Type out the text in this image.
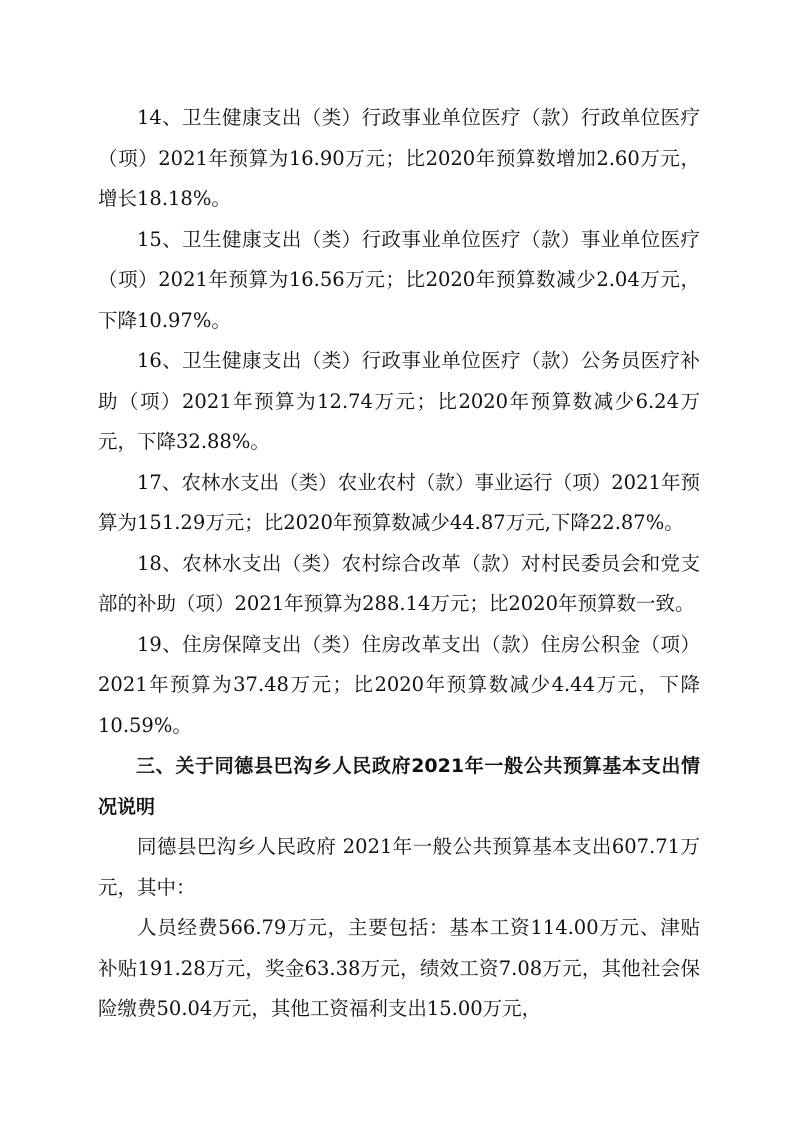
14、卫生健康支出（类）行政事业单位医疗（款）行政单位医疗（项）2021年预算为16.90万元；比2020年预算数增加2.60万元，增长18.18%。

15、卫生健康支出（类）行政事业单位医疗（款）事业单位医疗（项）2021年预算为16.56万元；比2020年预算数减少2.04万元，下降10.97%。

16、卫生健康支出（类）行政事业单位医疗（款）公务员医疗补助（项）2021年预算为12.74万元；比2020年预算数减少6.24万元，下降32.88%。

17、农林水支出（类）农业农村（款）事业运行（项）2021年预算为151.29万元；比2020年预算数减少44.87万元,下降22.87%。

18、农林水支出（类）农村综合改革（款）对村民委员会和党支部的补助（项）2021年预算为288.14万元；比2020年预算数一致。

19、住房保障支出（类）住房改革支出（款）住房公积金（项）2021年预算为37.48万元；比2020年预算数减少4.44万元，下降10.59%。

三、关于同德县巴沟乡人民政府2021年一般公共预算基本支出情况说明

同德县巴沟乡人民政府 2021年一般公共预算基本支出607.71万元，其中：

人员经费566.79万元，主要包括：基本工资114.00万元、津贴补贴191.28万元，奖金63.38万元，绩效工资7.08万元，其他社会保险缴费50.04万元，其他工资福利支出15.00万元，
